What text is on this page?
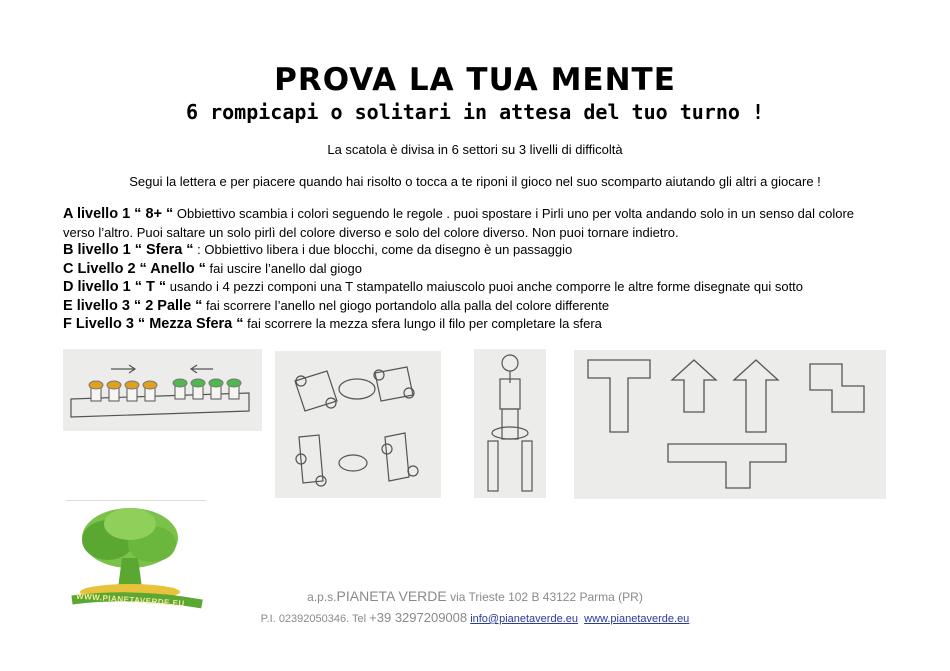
PROVA LA TUA MENTE
6 rompicapi o solitari in attesa del tuo turno !
La scatola è divisa in 6 settori su 3 livelli di difficoltà
Segui la lettera e per piacere quando hai risolto o tocca a te riponi il gioco nel suo scomparto aiutando gli altri a giocare !

A livello 1 “ 8+ “ Obbiettivo scambia i colori seguendo le regole . puoi spostare i Pirli uno per volta andando solo in un senso dal colore verso l’altro. Puoi saltare un solo pirlì del colore diverso e solo del colore diverso. Non puoi tornare indietro.

B livello 1 “ Sfera “ : Obbiettivo libera i due blocchi, come da disegno è un passaggio

C Livello 2 “ Anello “ fai uscire l’anello dal giogo

D livello 1 “ T “ usando i 4 pezzi componi una T stampatello maiuscolo puoi anche comporre le altre forme disegnate qui sotto

E livello 3 “ 2 Palle “ fai scorrere l’anello nel giogo portandolo alla palla del colore differente

F Livello 3 “ Mezza Sfera “ fai scorrere la mezza sfera lungo il filo per completare la sfera

WWW.PIANETAVERDE.EU	a.p.s.PIANETA VERDE via Trieste 102 B 43122 Parma (PR)
P.I. 02392050346. Tel +39 3297209008 info@pianetaverde.eu www.pianetaverde.eu
